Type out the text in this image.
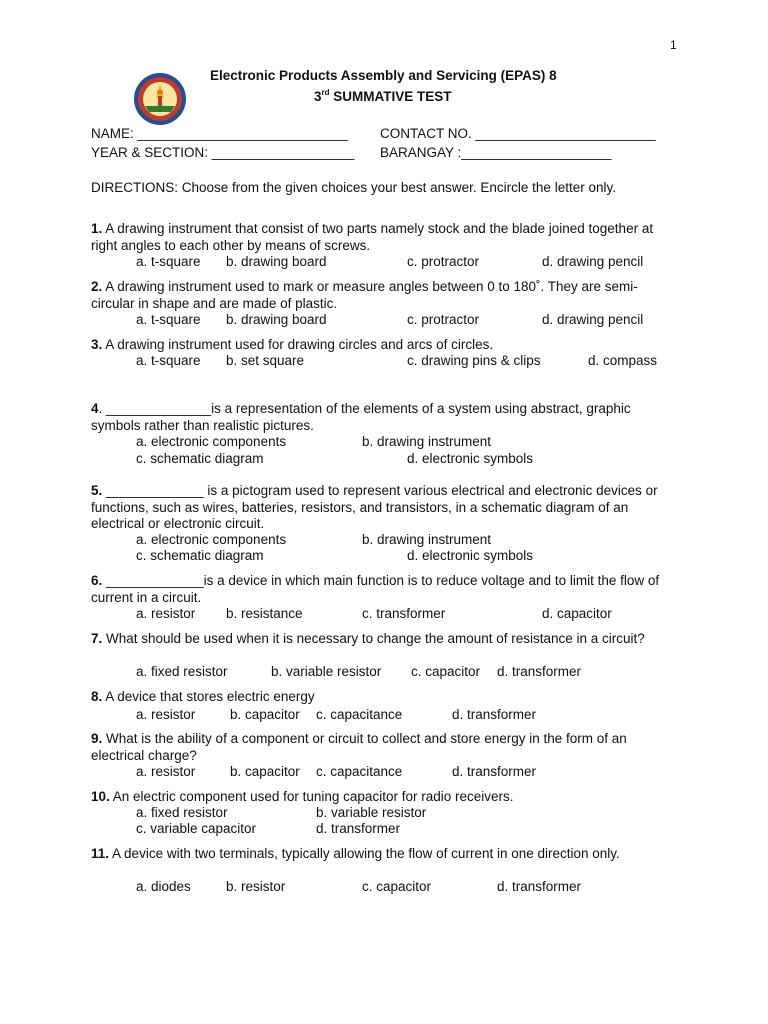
1
Electronic Products Assembly and Servicing (EPAS) 8
3rd SUMMATIVE TEST
NAME: ____________________________ CONTACT NO. ________________________
YEAR & SECTION: ___________________ BARANGAY :____________________
DIRECTIONS: Choose from the given choices your best answer. Encircle the letter only.
1. A drawing instrument that consist of two parts namely stock and the blade joined together at right angles to each other by means of screws.
a. t-square b. drawing board	c. protractor	d. drawing pencil
2. A drawing instrument used to mark or measure angles between 0 to 180˚. They are semi-circular in shape and are made of plastic.
a. t-square b. drawing board	c. protractor	d. drawing pencil
3. A drawing instrument used for drawing circles and arcs of circles.
a. t-square b. set square	c. drawing pins & clips	d. compass
4. ______________is a representation of the elements of a system using abstract, graphic symbols rather than realistic pictures.
a. electronic components	b. drawing instrument
c. schematic diagram	d. electronic symbols
5. _____________ is a pictogram used to represent various electrical and electronic devices or functions, such as wires, batteries, resistors, and transistors, in a schematic diagram of an electrical or electronic circuit.
a. electronic components	b. drawing instrument
c. schematic diagram	d. electronic symbols
6. _____________is a device in which main function is to reduce voltage and to limit the flow of current in a circuit.
a. resistor b. resistance	c. transformer	d. capacitor
7. What should be used when it is necessary to change the amount of resistance in a circuit?
a. fixed resistor	b. variable resistor c. capacitor d. transformer
8. A device that stores electric energy
a. resistor	b. capacitor c. capacitance	d. transformer
9. What is the ability of a component or circuit to collect and store energy in the form of an electrical charge?
a. resistor	b. capacitor c. capacitance	d. transformer
10. An electric component used for tuning capacitor for radio receivers.
a. fixed resistor	b. variable resistor
c. variable capacitor	d. transformer
11. A device with two terminals, typically allowing the flow of current in one direction only.
a. diodes	b. resistor	c. capacitor	d. transformer
